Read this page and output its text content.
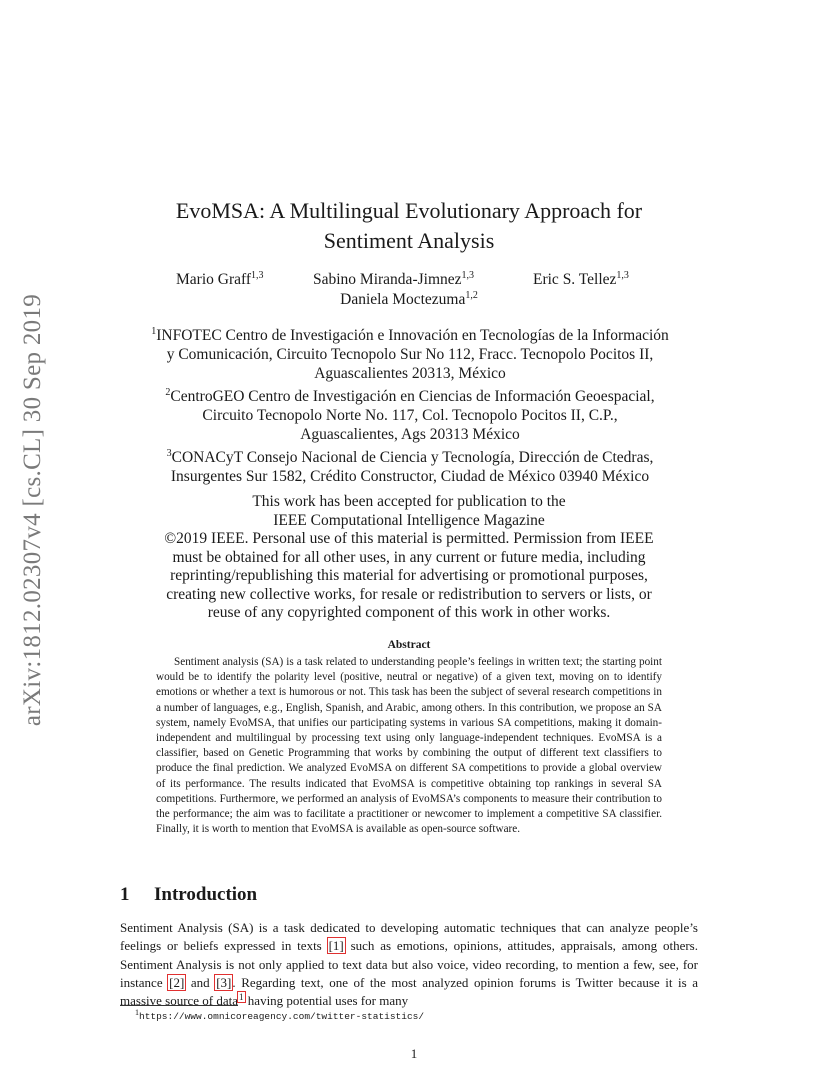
arXiv:1812.02307v4 [cs.CL] 30 Sep 2019
EvoMSA: A Multilingual Evolutionary Approach for
Sentiment Analysis
Mario Graff$^{1,3}$	Sabino Miranda-Jimnez$^{1,3}$	Eric S. Tellez$^{1,3}$
Daniela Moctezuma$^{1,2}$

$^1$INFOTEC Centro de Investigación e Innovación en Tecnologías de la Información
y Comunicación, Circuito Tecnopolo Sur No 112, Fracc. Tecnopolo Pocitos II,
Aguascalientes 20313, México

$^2$CentroGEO Centro de Investigación en Ciencias de Información Geoespacial,
Circuito Tecnopolo Norte No. 117, Col. Tecnopolo Pocitos II, C.P.,
Aguascalientes, Ags 20313 México

$^3$CONACyT Consejo Nacional de Ciencia y Tecnología, Dirección de Ctedras,
Insurgentes Sur 1582, Crédito Constructor, Ciudad de México 03940 México

This work has been accepted for publication to the

IEEE Computational Intelligence Magazine

©2019 IEEE. Personal use of this material is permitted. Permission from IEEE

must be obtained for all other uses, in any current or future media, including

reprinting/republishing this material for advertising or promotional purposes,

creating new collective works, for resale or redistribution to servers or lists, or

reuse of any copyrighted component of this work in other works.

Abstract
Sentiment analysis (SA) is a task related to understanding people’s feelings in written text; the starting point would be to identify the polarity level (positive, neutral or negative) of a given text, moving on to identify emotions or whether a text is humorous or not. This task has been the subject of several research competitions in a number of languages, e.g., English, Spanish, and Arabic, among others. In this contribution, we propose an SA system, namely EvoMSA, that unifies our participating systems in various SA competitions, making it domain-independent and multilingual by processing text using only language-independent techniques. EvoMSA is a classifier, based on Genetic Programming that works by combining the output of different text classifiers to produce the final prediction. We analyzed EvoMSA on different SA competitions to provide a global overview of its performance. The results indicated that EvoMSA is competitive obtaining top rankings in several SA competitions. Furthermore, we performed an analysis of EvoMSA’s components to measure their contribution to the performance; the aim was to facilitate a practitioner or newcomer to implement a competitive SA classifier. Finally, it is worth to mention that EvoMSA is available as open-source software.
1 Introduction
Sentiment Analysis (SA) is a task dedicated to developing automatic techniques that can analyze people’s feelings or beliefs expressed in texts [1] such as emotions, opinions, attitudes, appraisals, among others. Sentiment Analysis is not only applied to text data but also voice, video recording, to mention a few, see, for instance [2] and [3]. Regarding text, one of the most analyzed opinion forums is Twitter because it is a massive source of data$^1$ having potential uses for many
$^1$https://www.omnicoreagency.com/twitter-statistics/
1
